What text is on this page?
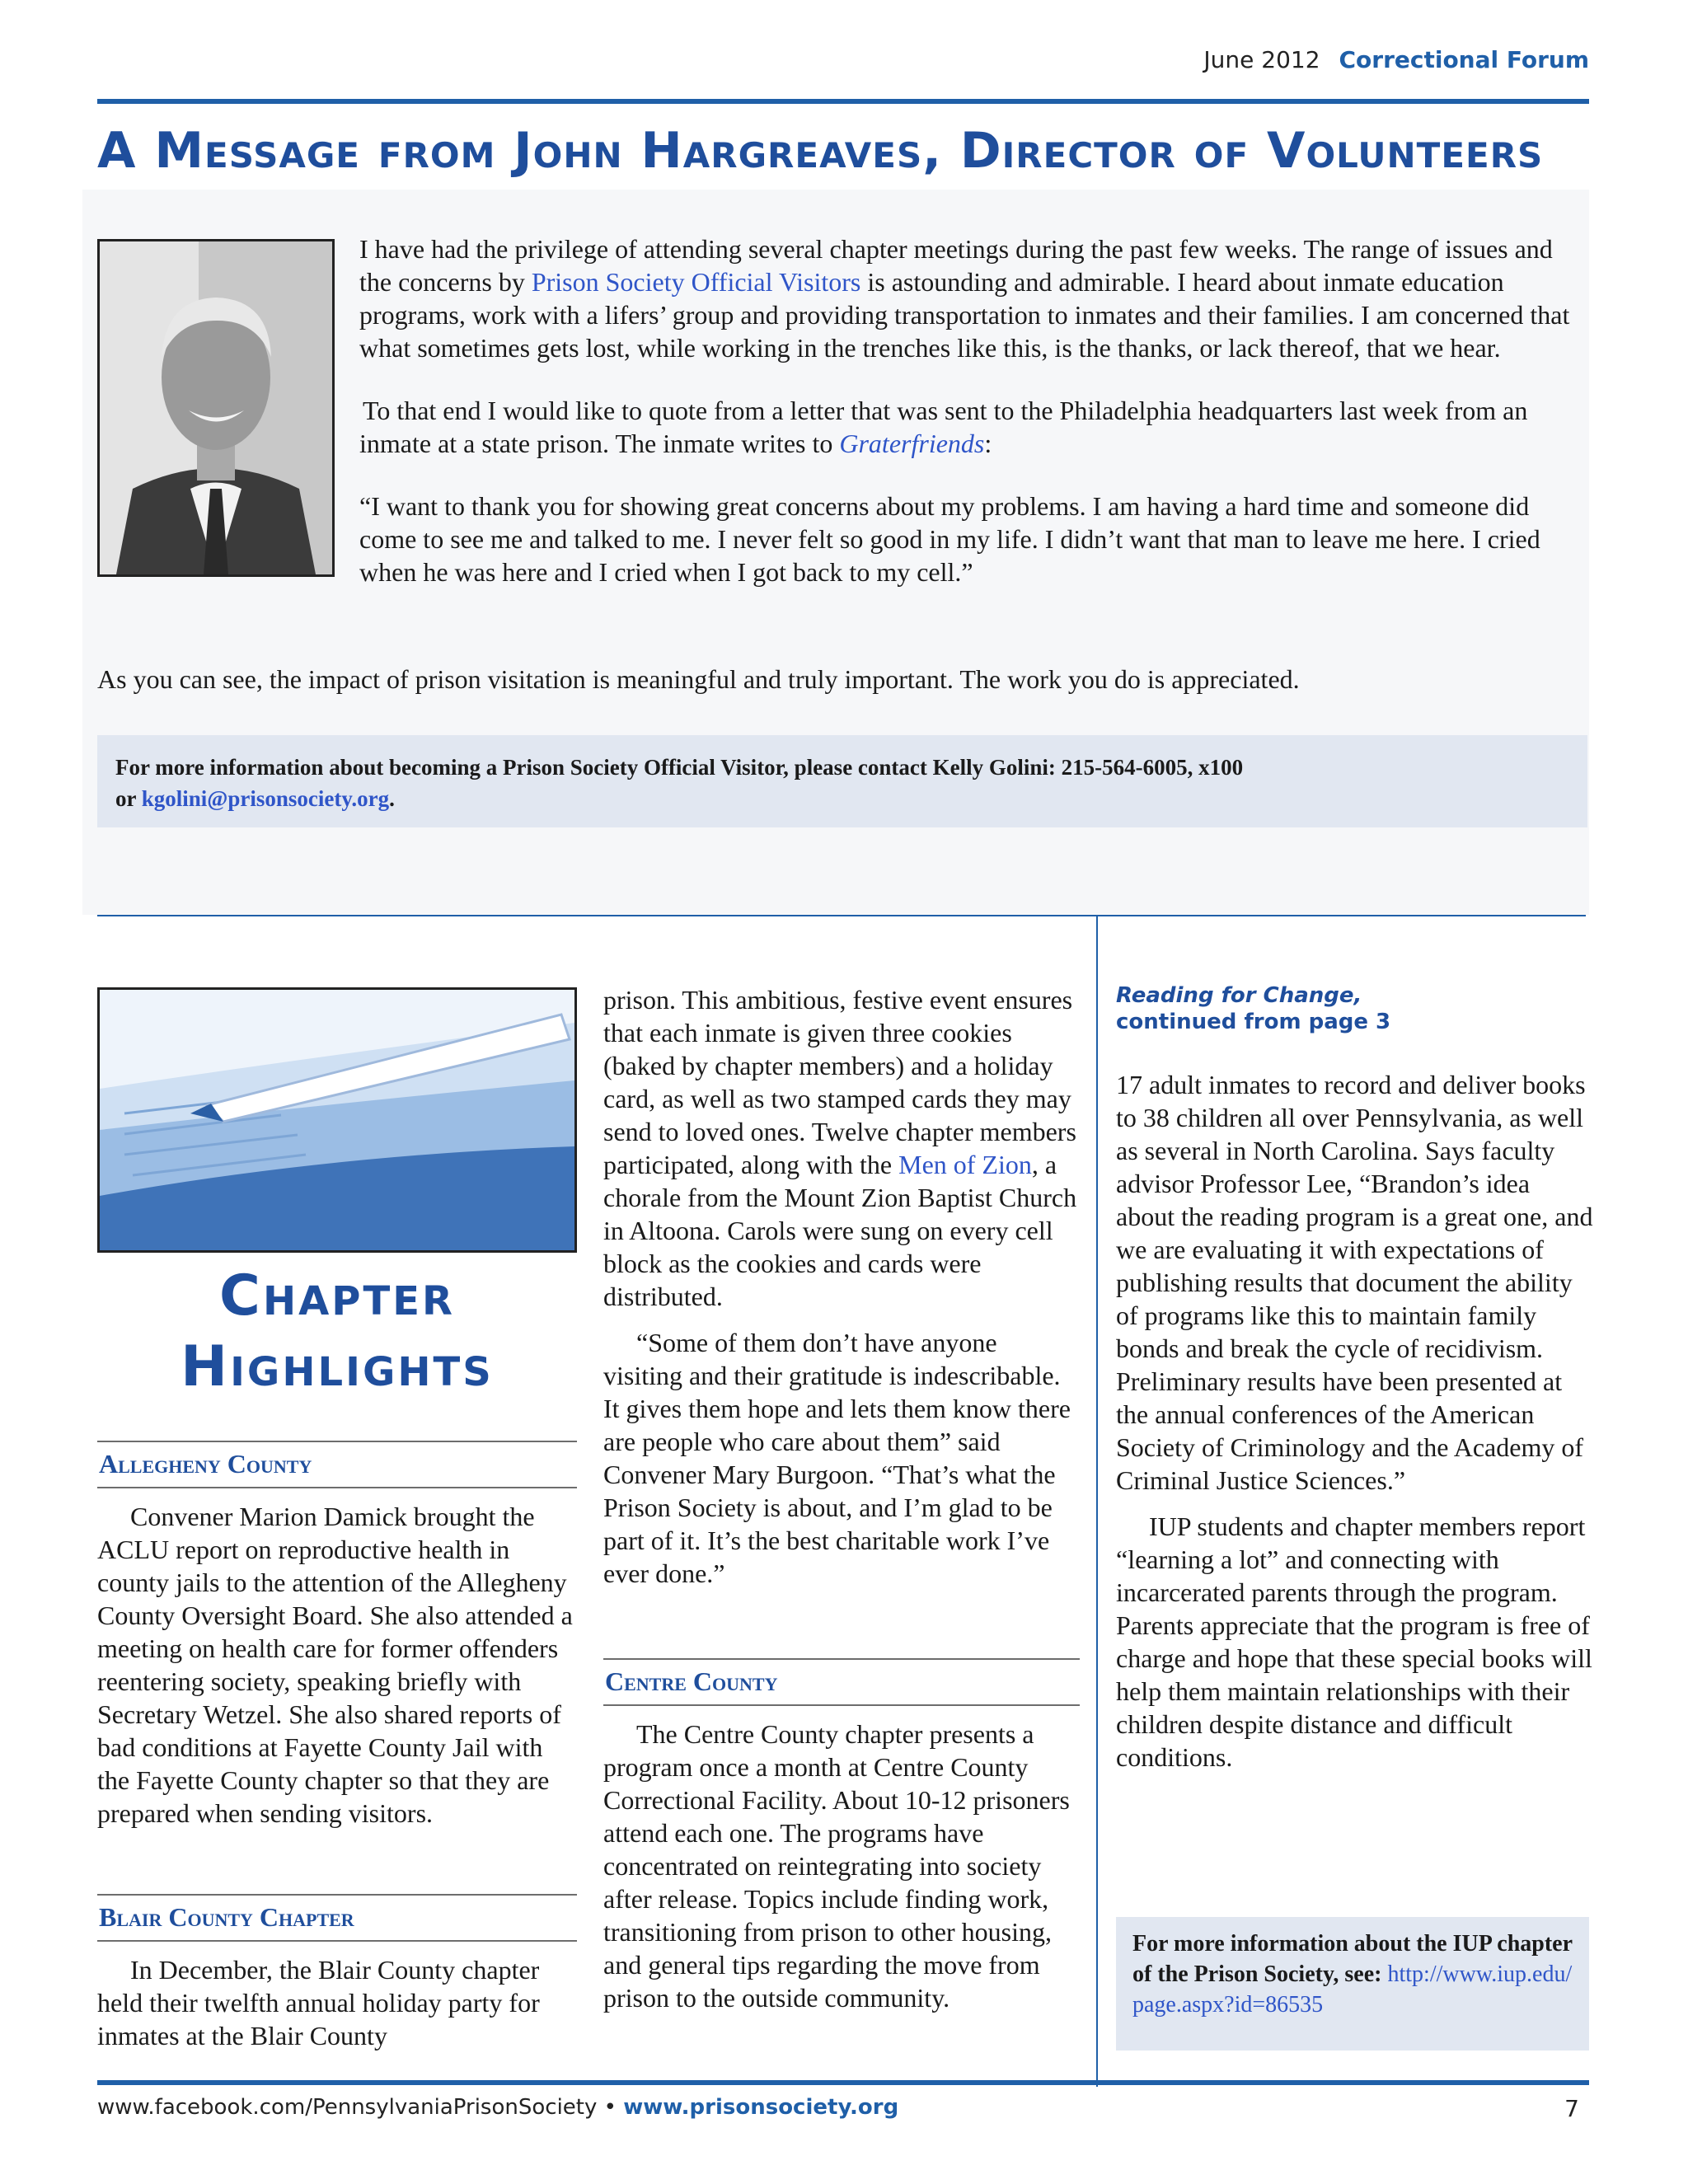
June 2012 Correctional Forum
A Message from John Hargreaves, Director of Volunteers

I have had the privilege of attending several chapter meetings during the past few weeks. The range of issues and the concerns by Prison Society Official Visitors is astounding and admirable. I heard about inmate education programs, work with a lifers’ group and providing transportation to inmates and their families. I am concerned that what sometimes gets lost, while working in the trenches like this, is the thanks, or lack thereof, that we hear.

To that end I would like to quote from a letter that was sent to the Philadelphia headquarters last week from an inmate at a state prison. The inmate writes to Graterfriends:

“I want to thank you for showing great concerns about my problems. I am having a hard time and someone did come to see me and talked to me. I never felt so good in my life. I didn’t want that man to leave me here. I cried when he was here and I cried when I got back to my cell.”

As you can see, the impact of prison visitation is meaningful and truly important. The work you do is appreciated.
For more information about becoming a Prison Society Official Visitor, please contact Kelly Golini: 215-564-6005, x100
or kgolini@prisonsociety.org.
Chapter
Highlights
Allegheny County

Convener Marion Damick brought the ACLU report on reproductive health in county jails to the attention of the Allegheny County Oversight Board. She also attended a meeting on health care for former offenders reentering society, speaking briefly with Secretary Wetzel. She also shared reports of bad conditions at Fayette County Jail with the Fayette County chapter so that they are prepared when sending visitors.

Blair County Chapter

In December, the Blair County chapter held their twelfth annual holiday party for inmates at the Blair County

prison. This ambitious, festive event ensures that each inmate is given three cookies (baked by chapter members) and a holiday card, as well as two stamped cards they may send to loved ones. Twelve chapter members participated, along with the Men of Zion, a chorale from the Mount Zion Baptist Church in Altoona. Carols were sung on every cell block as the cookies and cards were distributed.

“Some of them don’t have anyone visiting and their gratitude is indescribable. It gives them hope and lets them know there are people who care about them” said Convener Mary Burgoon. “That’s what the Prison Society is about, and I’m glad to be part of it. It’s the best charitable work I’ve ever done.”

Centre County

The Centre County chapter presents a program once a month at Centre County Correctional Facility. About 10-12 prisoners attend each one. The programs have concentrated on reintegrating into society after release. Topics include finding work, transitioning from prison to other housing, and general tips regarding the move from prison to the outside community.

Reading for Change,
continued from page 3

17 adult inmates to record and deliver books to 38 children all over Pennsylvania, as well as several in North Carolina. Says faculty advisor Professor Lee, “Brandon’s idea about the reading program is a great one, and we are evaluating it with expectations of publishing results that document the ability of programs like this to maintain family bonds and break the cycle of recidivism. Preliminary results have been presented at the annual conferences of the American Society of Criminology and the Academy of Criminal Justice Sciences.”

IUP students and chapter members report “learning a lot” and connecting with incarcerated parents through the program. Parents appreciate that the program is free of charge and hope that these special books will help them maintain relationships with their children despite distance and difficult conditions.

For more information about the IUP chapter of the Prison Society, see: http://www.iup.edu/page.aspx?id=86535
www.facebook.com/PennsylvaniaPrisonSociety • www.prisonsociety.org	7
